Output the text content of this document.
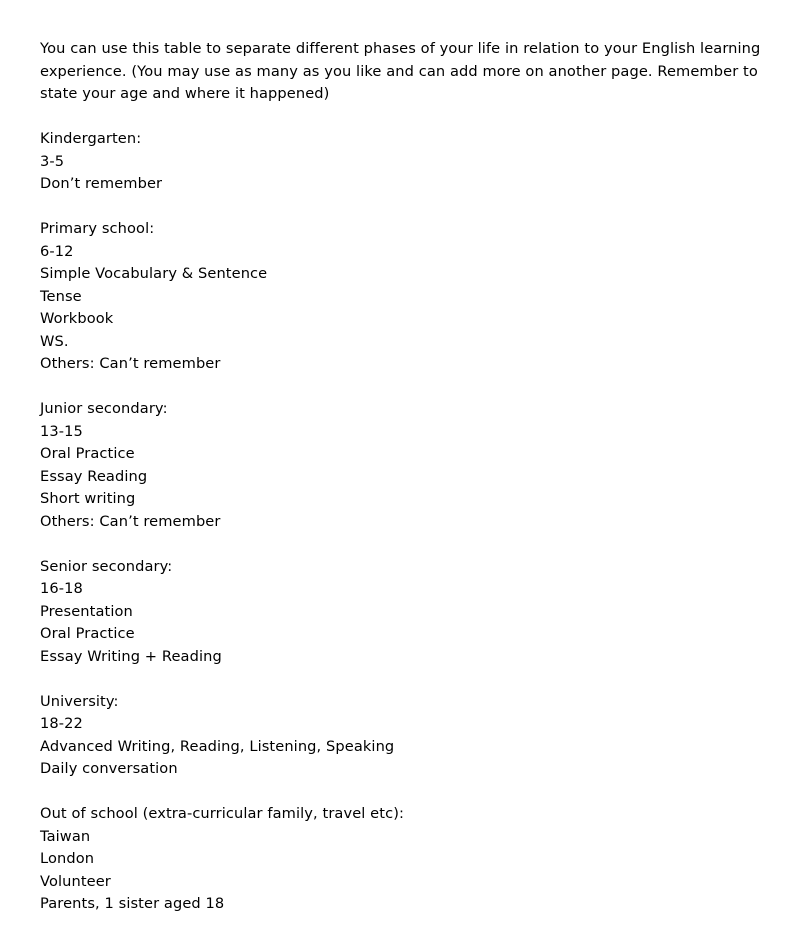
You can use this table to separate different phases of your life in relation to your English learning experience. (You may use as many as you like and can add more on another page. Remember to state your age and where it happened)

Kindergarten:
3-5
Don’t remember
Primary school:
6-12
Simple Vocabulary & Sentence
Tense
Workbook
WS.
Others: Can’t remember
Junior secondary:
13-15
Oral Practice
Essay Reading
Short writing
Others: Can’t remember
Senior secondary:
16-18
Presentation
Oral Practice
Essay Writing + Reading
University:
18-22
Advanced Writing, Reading, Listening, Speaking
Daily conversation
Out of school (extra-curricular family, travel etc):
Taiwan
London
Volunteer
Parents, 1 sister aged 18
